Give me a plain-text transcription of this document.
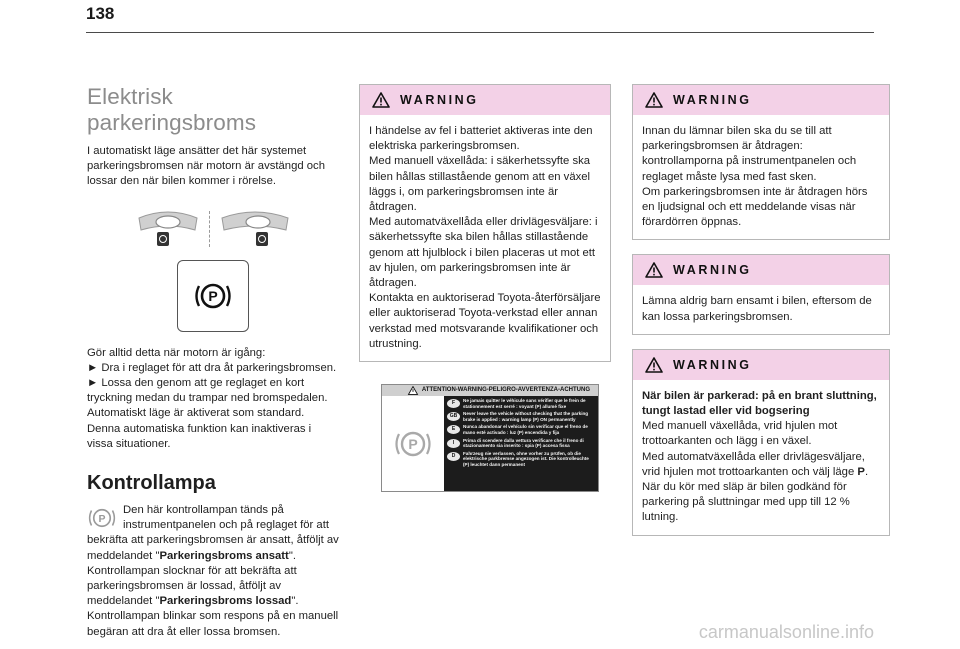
138
Elektrisk parkeringsbroms

I automatiskt läge ansätter det här systemet parkeringsbromsen när motorn är avstängd och lossar den när bilen kommer i rörelse.

P

Gör alltid detta när motorn är igång:

► Dra i reglaget för att dra åt parkeringsbromsen.

► Lossa den genom att ge reglaget en kort tryckning medan du trampar ned bromspedalen.

Automatiskt läge är aktiverat som standard.

Denna automatiska funktion kan inaktiveras i vissa situationer.

Kontrollampa
P

Den här kontrollampan tänds på instrumentpanelen och på reglaget för att bekräfta att parkeringsbromsen är ansatt, åtföljt av meddelandet "Parkeringsbroms ansatt".

Kontrollampan slocknar för att bekräfta att parkeringsbromsen är lossad, åtföljt av meddelandet "Parkeringsbroms lossad".

Kontrollampan blinkar som respons på en manuell begäran att dra åt eller lossa bromsen.

WARNING

I händelse av fel i batteriet aktiveras inte den elektriska parkeringsbromsen.

Med manuell växellåda: i säkerhetssyfte ska bilen hållas stillastående genom att en växel läggs i, om parkeringsbromsen inte är åtdragen.

Med automatväxellåda eller drivlägesväljare: i säkerhetssyfte ska bilen hållas stillastående genom att hjulblock i bilen placeras ut mot ett av hjulen, om parkeringsbromsen inte är åtdragen.

Kontakta en auktoriserad Toyota-återförsäljare eller auktoriserad Toyota-verkstad eller annan verkstad med motsvarande kvalifikationer och utrustning.

ATTENTION-WARNING-PELIGRO-AVVERTENZA-ACHTUNG
P
F	Ne jamais quitter le véhicule sans vérifier que le frein de stationnement est serré : voyant (P) allumé fixe
GB	Never leave the vehicle without checking that the parking brake is applied : warning lamp (P) ON permanently
E	Nunca abandonar el vehículo sin verificar que el freno de mano esté activado : luz (P) encendida y fija
I	Prima di scendere dalla vettura verificare che il freno di stazionamento sia inserito : spia (P) accesa fissa
D	Fahrzeug nie verlassen, ohne vorher zu prüfen, ob die elektrische parkbremse angezogen ist. Die kontrolleuchte (P) leuchtet dann permanent
WARNING

Innan du lämnar bilen ska du se till att parkeringsbromsen är åtdragen: kontrollamporna på instrumentpanelen och reglaget måste lysa med fast sken.

Om parkeringsbromsen inte är åtdragen hörs en ljudsignal och ett meddelande visas när förardörren öppnas.

WARNING

Lämna aldrig barn ensamt i bilen, eftersom de kan lossa parkeringsbromsen.

WARNING

När bilen är parkerad: på en brant sluttning, tungt lastad eller vid bogsering

Med manuell växellåda, vrid hjulen mot trottoarkanten och lägg i en växel.

Med automatväxellåda eller drivlägesväljare, vrid hjulen mot trottoarkanten och välj läge P.

När du kör med släp är bilen godkänd för parkering på sluttningar med upp till 12 % lutning.

carmanualsonline.info
